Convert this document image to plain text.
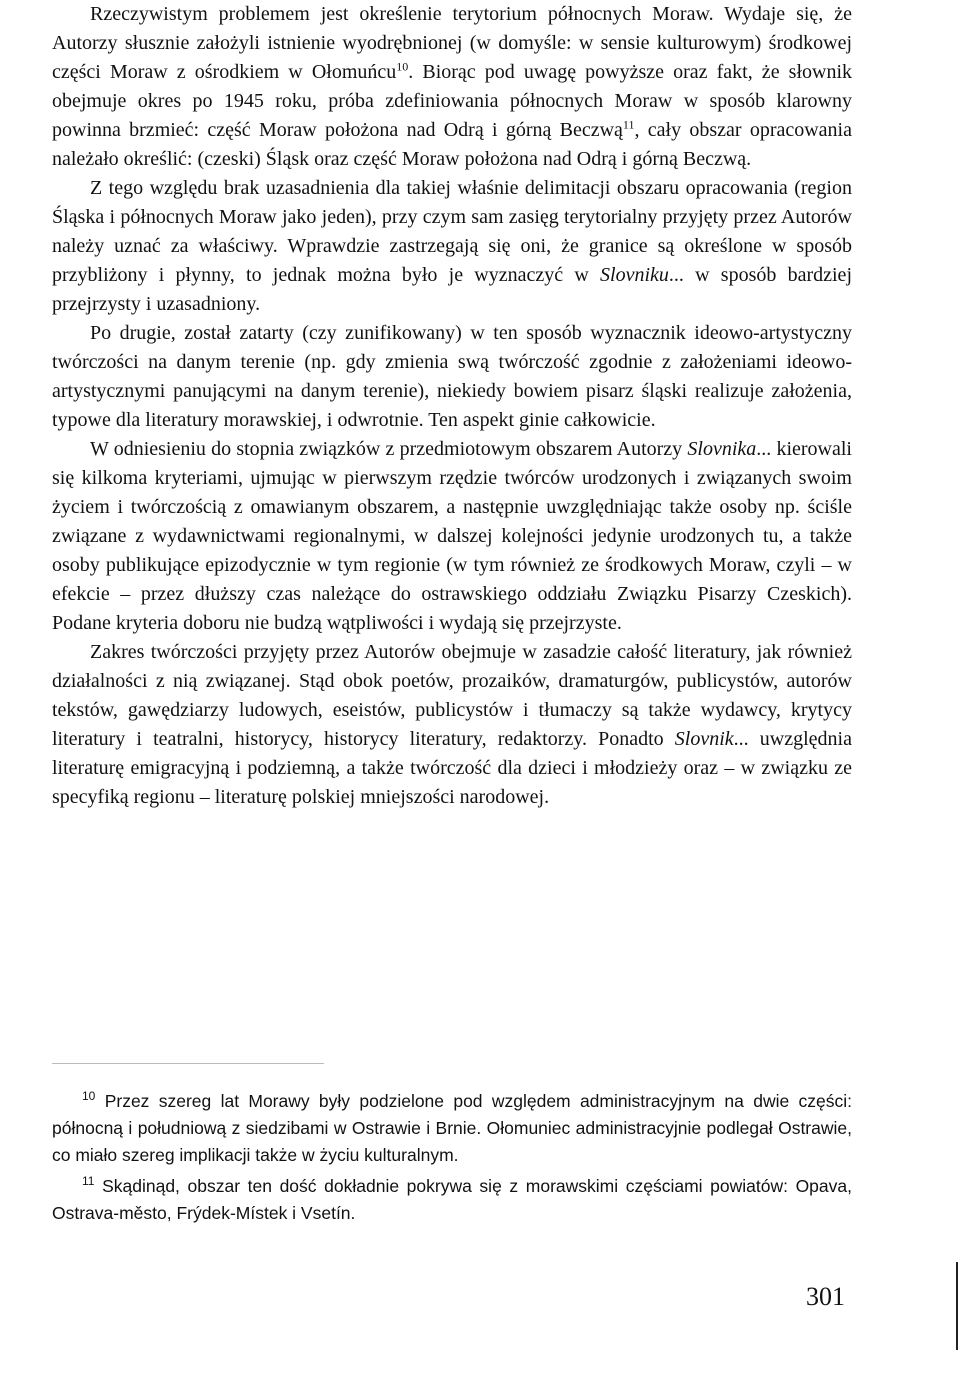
Rzeczywistym problemem jest określenie terytorium północnych Moraw. Wydaje się, że Autorzy słusznie założyli istnienie wyodrębnionej (w domyśle: w sensie kulturowym) środkowej części Moraw z ośrodkiem w Ołomuńcu$^{10}$. Biorąc pod uwagę powyższe oraz fakt, że słownik obejmuje okres po 1945 roku, próba zdefiniowania północnych Moraw w sposób klarowny powinna brzmieć: część Moraw położona nad Odrą i górną Beczwą$^{11}$, cały obszar opracowania należało określić: (czeski) Śląsk oraz część Moraw położona nad Odrą i górną Beczwą.

Z tego względu brak uzasadnienia dla takiej właśnie delimitacji obszaru opracowania (region Śląska i północnych Moraw jako jeden), przy czym sam zasięg terytorialny przyjęty przez Autorów należy uznać za właściwy. Wprawdzie zastrzegają się oni, że granice są określone w sposób przybliżony i płynny, to jednak można było je wyznaczyć w Slovniku... w sposób bardziej przejrzysty i uzasadniony.

Po drugie, został zatarty (czy zunifikowany) w ten sposób wyznacznik ideowo-artystyczny twórczości na danym terenie (np. gdy zmienia swą twórczość zgodnie z założeniami ideowo-artystycznymi panującymi na danym terenie), niekiedy bowiem pisarz śląski realizuje założenia, typowe dla literatury morawskiej, i odwrotnie. Ten aspekt ginie całkowicie.

W odniesieniu do stopnia związków z przedmiotowym obszarem Autorzy Slovnika... kierowali się kilkoma kryteriami, ujmując w pierwszym rzędzie twórców urodzonych i związanych swoim życiem i twórczością z omawianym obszarem, a następnie uwzględniając także osoby np. ściśle związane z wydawnictwami regionalnymi, w dalszej kolejności jedynie urodzonych tu, a także osoby publikujące epizodycznie w tym regionie (w tym również ze środkowych Moraw, czyli – w efekcie – przez dłuższy czas należące do ostrawskiego oddziału Związku Pisarzy Czeskich). Podane kryteria doboru nie budzą wątpliwości i wydają się przejrzyste.

Zakres twórczości przyjęty przez Autorów obejmuje w zasadzie całość literatury, jak również działalności z nią związanej. Stąd obok poetów, prozaików, dramaturgów, publicystów, autorów tekstów, gawędziarzy ludowych, eseistów, publicystów i tłumaczy są także wydawcy, krytycy literatury i teatralni, historycy, historycy literatury, redaktorzy. Ponadto Slovnik... uwzględnia literaturę emigracyjną i podziemną, a także twórczość dla dzieci i młodzieży oraz – w związku ze specyfiką regionu – literaturę polskiej mniejszości narodowej.

$^{10}$ Przez szereg lat Morawy były podzielone pod względem administracyjnym na dwie części: północną i południową z siedzibami w Ostrawie i Brnie. Ołomuniec administracyjnie podlegał Ostrawie, co miało szereg implikacji także w życiu kulturalnym.

$^{11}$ Skądinąd, obszar ten dość dokładnie pokrywa się z morawskimi częściami powiatów: Opava, Ostrava-město, Frýdek-Místek i Vsetín.

301
